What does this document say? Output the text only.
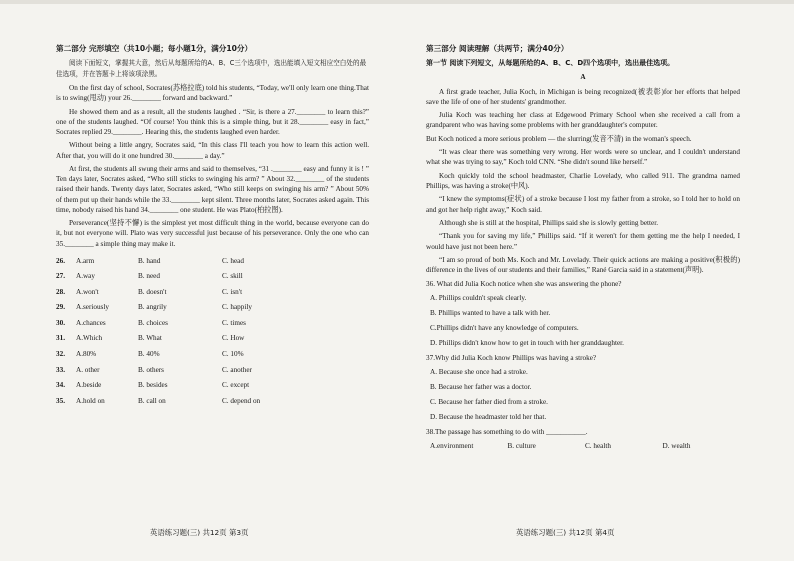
第二部分 完形填空（共10小题；每小题1分，满分10分）
阅读下面短文，掌握其大意，然后从每题所给的A、B、C三个选项中，选出能填入短文相应空白处的最佳选项，并在答题卡上将该项涂黑。

On the first day of school, Socrates(苏格拉底) told his students, “Today, we'll only learn one thing.That is to swing(甩动) your 26.________ forward and backward.”

He showed them and as a result, all the students laughed . “Sir, is there a 27.________ to learn this?” one of the students laughed. “Of course! You think this is a simple thing, but it 28.________ easy in fact,” Socrates replied 29.________. Hearing this, the students laughed even harder.

Without being a little angry, Socrates said, “In this class I'll teach you how to learn this action well. After that, you will do it one hundred 30.________ a day.”

At first, the students all swung their arms and said to themselves, “31 .________ easy and funny it is ! ” Ten days later, Socrates asked, “Who still sticks to swinging his arm? ” About 32.________ of the students raised their hands. Twenty days later, Socrates asked, “Who still keeps on swinging his arm? ” About 50% of them put up their hands while the 33.________ kept silent. Three months later, Socrates asked again. This time, nobody raised his hand 34.________ one student. He was Plato(柏拉图).

Perseverance(坚持不懈) is the simplest yet most difficult thing in the world, because everyone can do it, but not everyone will. Plato was very successful just because of his perseverance. Only the one who can 35.________ a simple thing may make it.

26.	A.arm	B. hand	C. head
27.	A.way	B. need	C. skill
28.	A.won't	B. doesn't	C. isn't
29.	A.seriously	B. angrily	C. happily
30.	A.chances	B. choices	C. times
31.	A.Which	B. What	C. How
32.	A.80%	B. 40%	C. 10%
33.	A. other	B. others	C. another
34.	A.beside	B. besides	C. except
35.	A.hold on	B. call on	C. depend on
第三部分 阅读理解（共两节；满分40分）
第一节 阅读下列短文，从每题所给的A、B、C、D四个选项中，选出最佳选项。
A

A first grade teacher, Julia Koch, in Michigan is being recognized(被表彰)for her efforts that helped save the life of one of her students' grandmother.

Julia Koch was teaching her class at Edgewood Primary School when she received a call from a grandparent who was having some problems with her granddaughter's computer.

But Koch noticed a more serious problem — the slurring(发音不清) in the woman's speech.

“It was clear there was something very wrong. Her words were so unclear, and I couldn't understand what she was trying to say,” Koch told CNN. “She didn't sound like herself.”

Koch quickly told the school headmaster, Charlie Lovelady, who called 911. The grandma named Phillips, was having a stroke(中风).

“I knew the symptoms(症状) of a stroke because I lost my father from a stroke, so I told her to hold on and got her help right away,” Koch said.

Although she is still at the hospital, Phillips said she is slowly getting better.

“Thank you for saving my life,” Phillips said. “If it weren't for them getting me the help I needed, I would have just not been here.”

“I am so proud of both Ms. Koch and Mr. Lovelady. Their quick actions are making a positive(积极的) difference in the lives of our students and their families,” Rané Garcia said in a statement(声明).

36. What did Julia Koch notice when she was answering the phone?
A. Phillips couldn't speak clearly.
B. Phillips wanted to have a talk with her.
C.Phillips didn't have any knowledge of computers.
D. Phillips didn't know how to get in touch with her granddaughter.
37.Why did Julia Koch know Phillips was having a stroke?
A. Because she once had a stroke.
B. Because her father was a doctor.
C. Because her father died from a stroke.
D. Because the headmaster told her that.
38.The passage has something to do with ___________.
A.environment	B. culture	C. health	D. wealth
英语练习题(三) 共12页 第3页	英语练习题(三) 共12页 第4页
